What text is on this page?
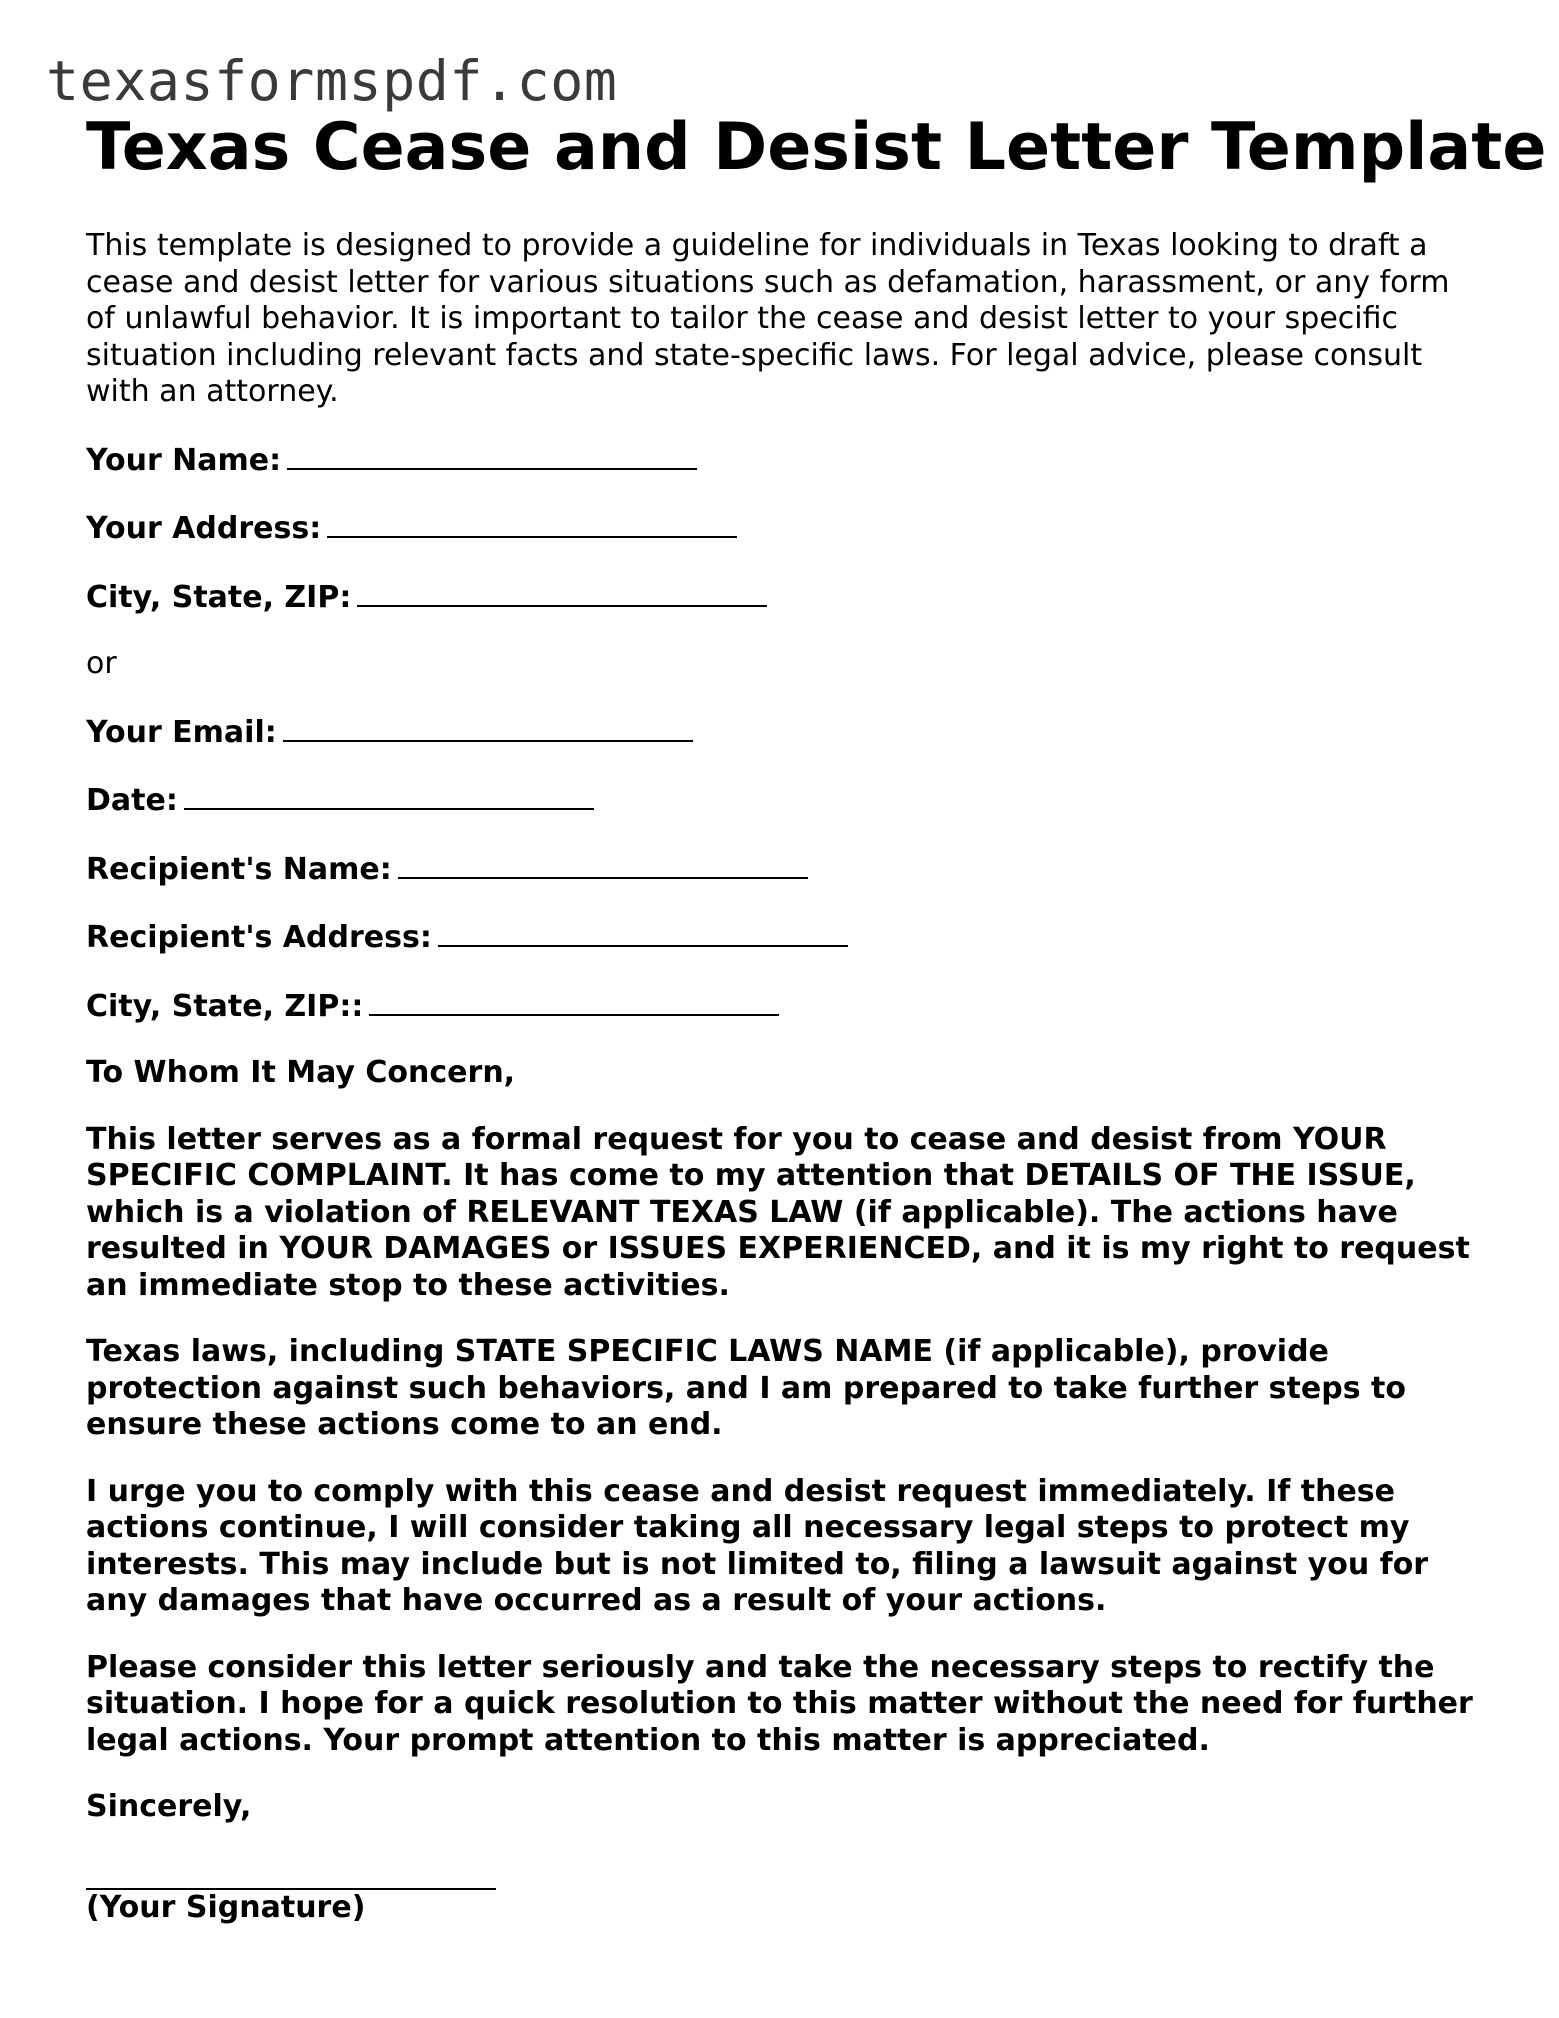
texasformspdf.com
Texas Cease and Desist Letter Template

This template is designed to provide a guideline for individuals in Texas looking to draft a cease and desist letter for various situations such as defamation, harassment, or any form of unlawful behavior. It is important to tailor the cease and desist letter to your specific situation including relevant facts and state-specific laws. For legal advice, please consult with an attorney.

Your Name:

Your Address:

City, State, ZIP:

or

Your Email:

Date:

Recipient's Name:

Recipient's Address:

City, State, ZIP::

To Whom It May Concern,

This letter serves as a formal request for you to cease and desist from YOUR SPECIFIC COMPLAINT. It has come to my attention that DETAILS OF THE ISSUE, which is a violation of RELEVANT TEXAS LAW (if applicable). The actions have resulted in YOUR DAMAGES or ISSUES EXPERIENCED, and it is my right to request an immediate stop to these activities.

Texas laws, including STATE SPECIFIC LAWS NAME (if applicable), provide protection against such behaviors, and I am prepared to take further steps to ensure these actions come to an end.

I urge you to comply with this cease and desist request immediately. If these actions continue, I will consider taking all necessary legal steps to protect my interests. This may include but is not limited to, filing a lawsuit against you for any damages that have occurred as a result of your actions.

Please consider this letter seriously and take the necessary steps to rectify the situation. I hope for a quick resolution to this matter without the need for further legal actions. Your prompt attention to this matter is appreciated.

Sincerely,

(Your Signature)
